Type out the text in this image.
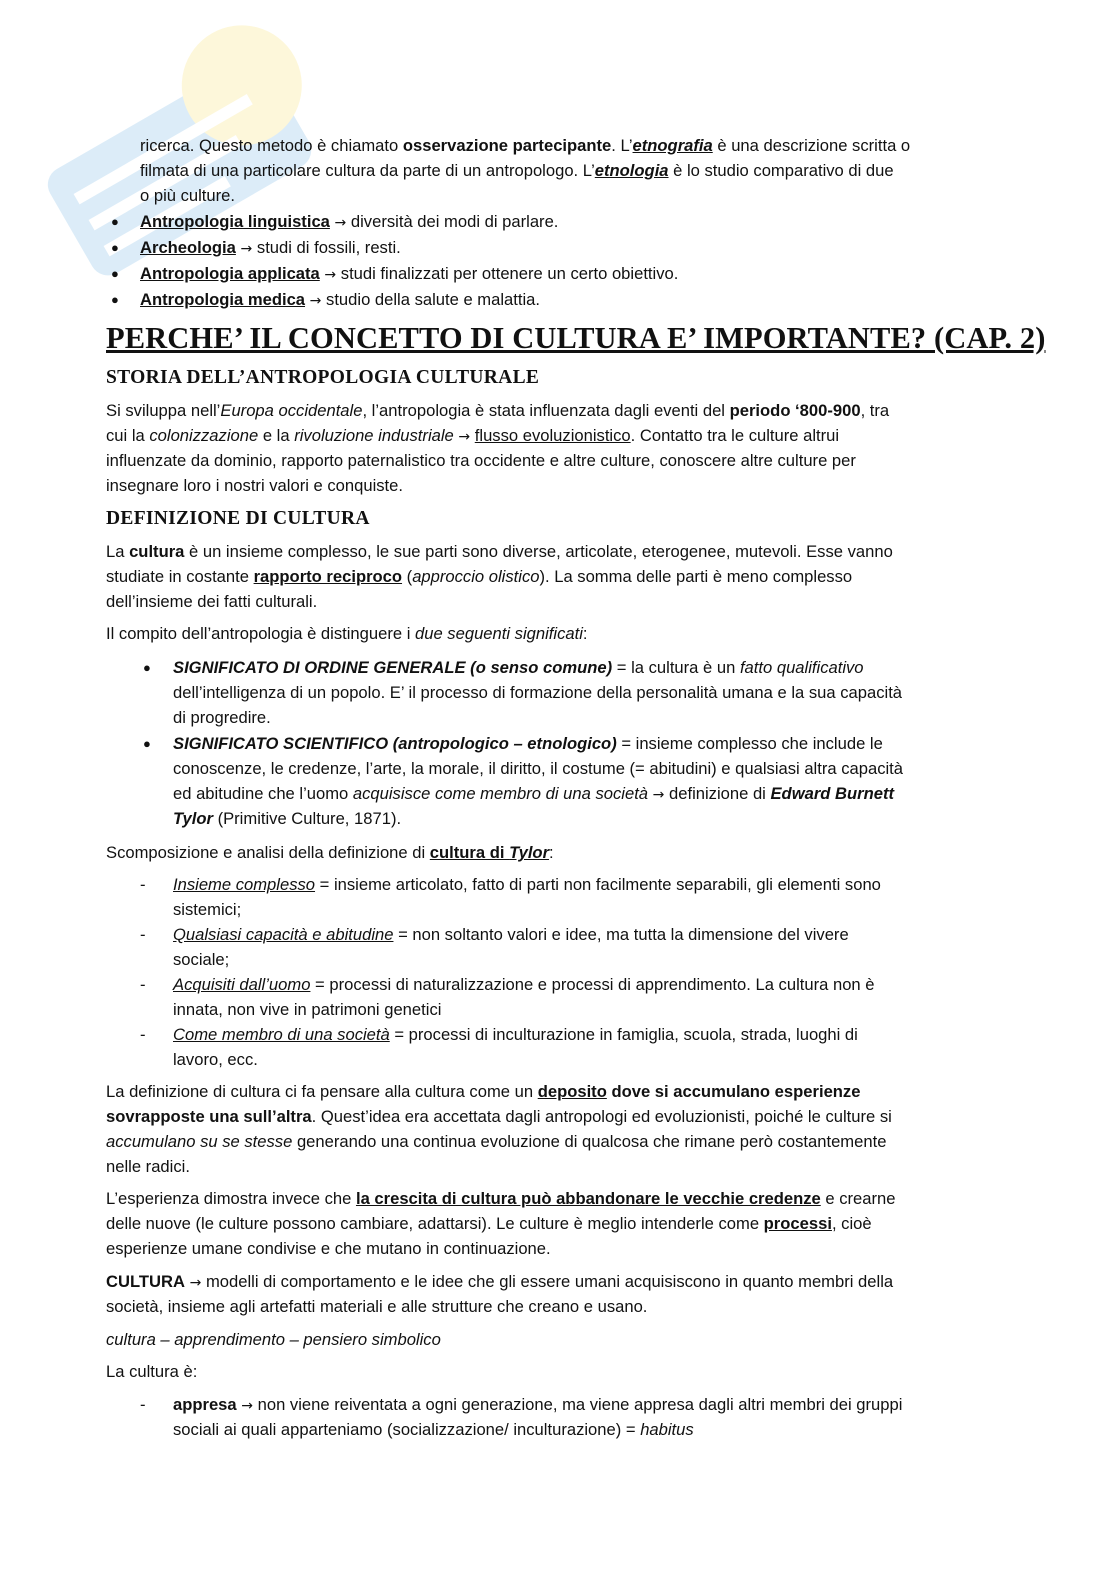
ricerca. Questo metodo è chiamato osservazione partecipante. L’etnografia è una descrizione scritta o

filmata di una particolare cultura da parte di un antropologo. L’etnologia è lo studio comparativo di due

o più culture.

● Antropologia linguistica → diversità dei modi di parlare.

● Archeologia → studi di fossili, resti.

● Antropologia applicata → studi finalizzati per ottenere un certo obiettivo.

● Antropologia medica → studio della salute e malattia.

PERCHE’ IL CONCETTO DI CULTURA E’ IMPORTANTE? (CAP. 2)
STORIA DELL’ANTROPOLOGIA CULTURALE

Si sviluppa nell’Europa occidentale, l’antropologia è stata influenzata dagli eventi del periodo ‘800-900, tra

cui la colonizzazione e la rivoluzione industriale → flusso evoluzionistico. Contatto tra le culture altrui

influenzate da dominio, rapporto paternalistico tra occidente e altre culture, conoscere altre culture per

insegnare loro i nostri valori e conquiste.

DEFINIZIONE DI CULTURA

La cultura è un insieme complesso, le sue parti sono diverse, articolate, eterogenee, mutevoli. Esse vanno

studiate in costante rapporto reciproco (approccio olistico). La somma delle parti è meno complesso

dell’insieme dei fatti culturali.

Il compito dell’antropologia è distinguere i due seguenti significati:

● SIGNIFICATO DI ORDINE GENERALE (o senso comune) = la cultura è un fatto qualificativo

dell’intelligenza di un popolo. E’ il processo di formazione della personalità umana e la sua capacità

di progredire.

● SIGNIFICATO SCIENTIFICO (antropologico – etnologico) = insieme complesso che include le

conoscenze, le credenze, l’arte, la morale, il diritto, il costume (= abitudini) e qualsiasi altra capacità

ed abitudine che l’uomo acquisisce come membro di una società → definizione di Edward Burnett

Tylor (Primitive Culture, 1871).

Scomposizione e analisi della definizione di cultura di Tylor:

- Insieme complesso = insieme articolato, fatto di parti non facilmente separabili, gli elementi sono

sistemici;

- Qualsiasi capacità e abitudine = non soltanto valori e idee, ma tutta la dimensione del vivere

sociale;

- Acquisiti dall’uomo = processi di naturalizzazione e processi di apprendimento. La cultura non è

innata, non vive in patrimoni genetici

- Come membro di una società = processi di inculturazione in famiglia, scuola, strada, luoghi di

lavoro, ecc.

La definizione di cultura ci fa pensare alla cultura come un deposito dove si accumulano esperienze

sovrapposte una sull’altra. Quest’idea era accettata dagli antropologi ed evoluzionisti, poiché le culture si

accumulano su se stesse generando una continua evoluzione di qualcosa che rimane però costantemente

nelle radici.

L’esperienza dimostra invece che la crescita di cultura può abbandonare le vecchie credenze e crearne

delle nuove (le culture possono cambiare, adattarsi). Le culture è meglio intenderle come processi, cioè

esperienze umane condivise e che mutano in continuazione.

CULTURA → modelli di comportamento e le idee che gli essere umani acquisiscono in quanto membri della

società, insieme agli artefatti materiali e alle strutture che creano e usano.

cultura – apprendimento – pensiero simbolico

La cultura è:

- appresa → non viene reiventata a ogni generazione, ma viene appresa dagli altri membri dei gruppi

sociali ai quali apparteniamo (socializzazione/ inculturazione) = habitus
